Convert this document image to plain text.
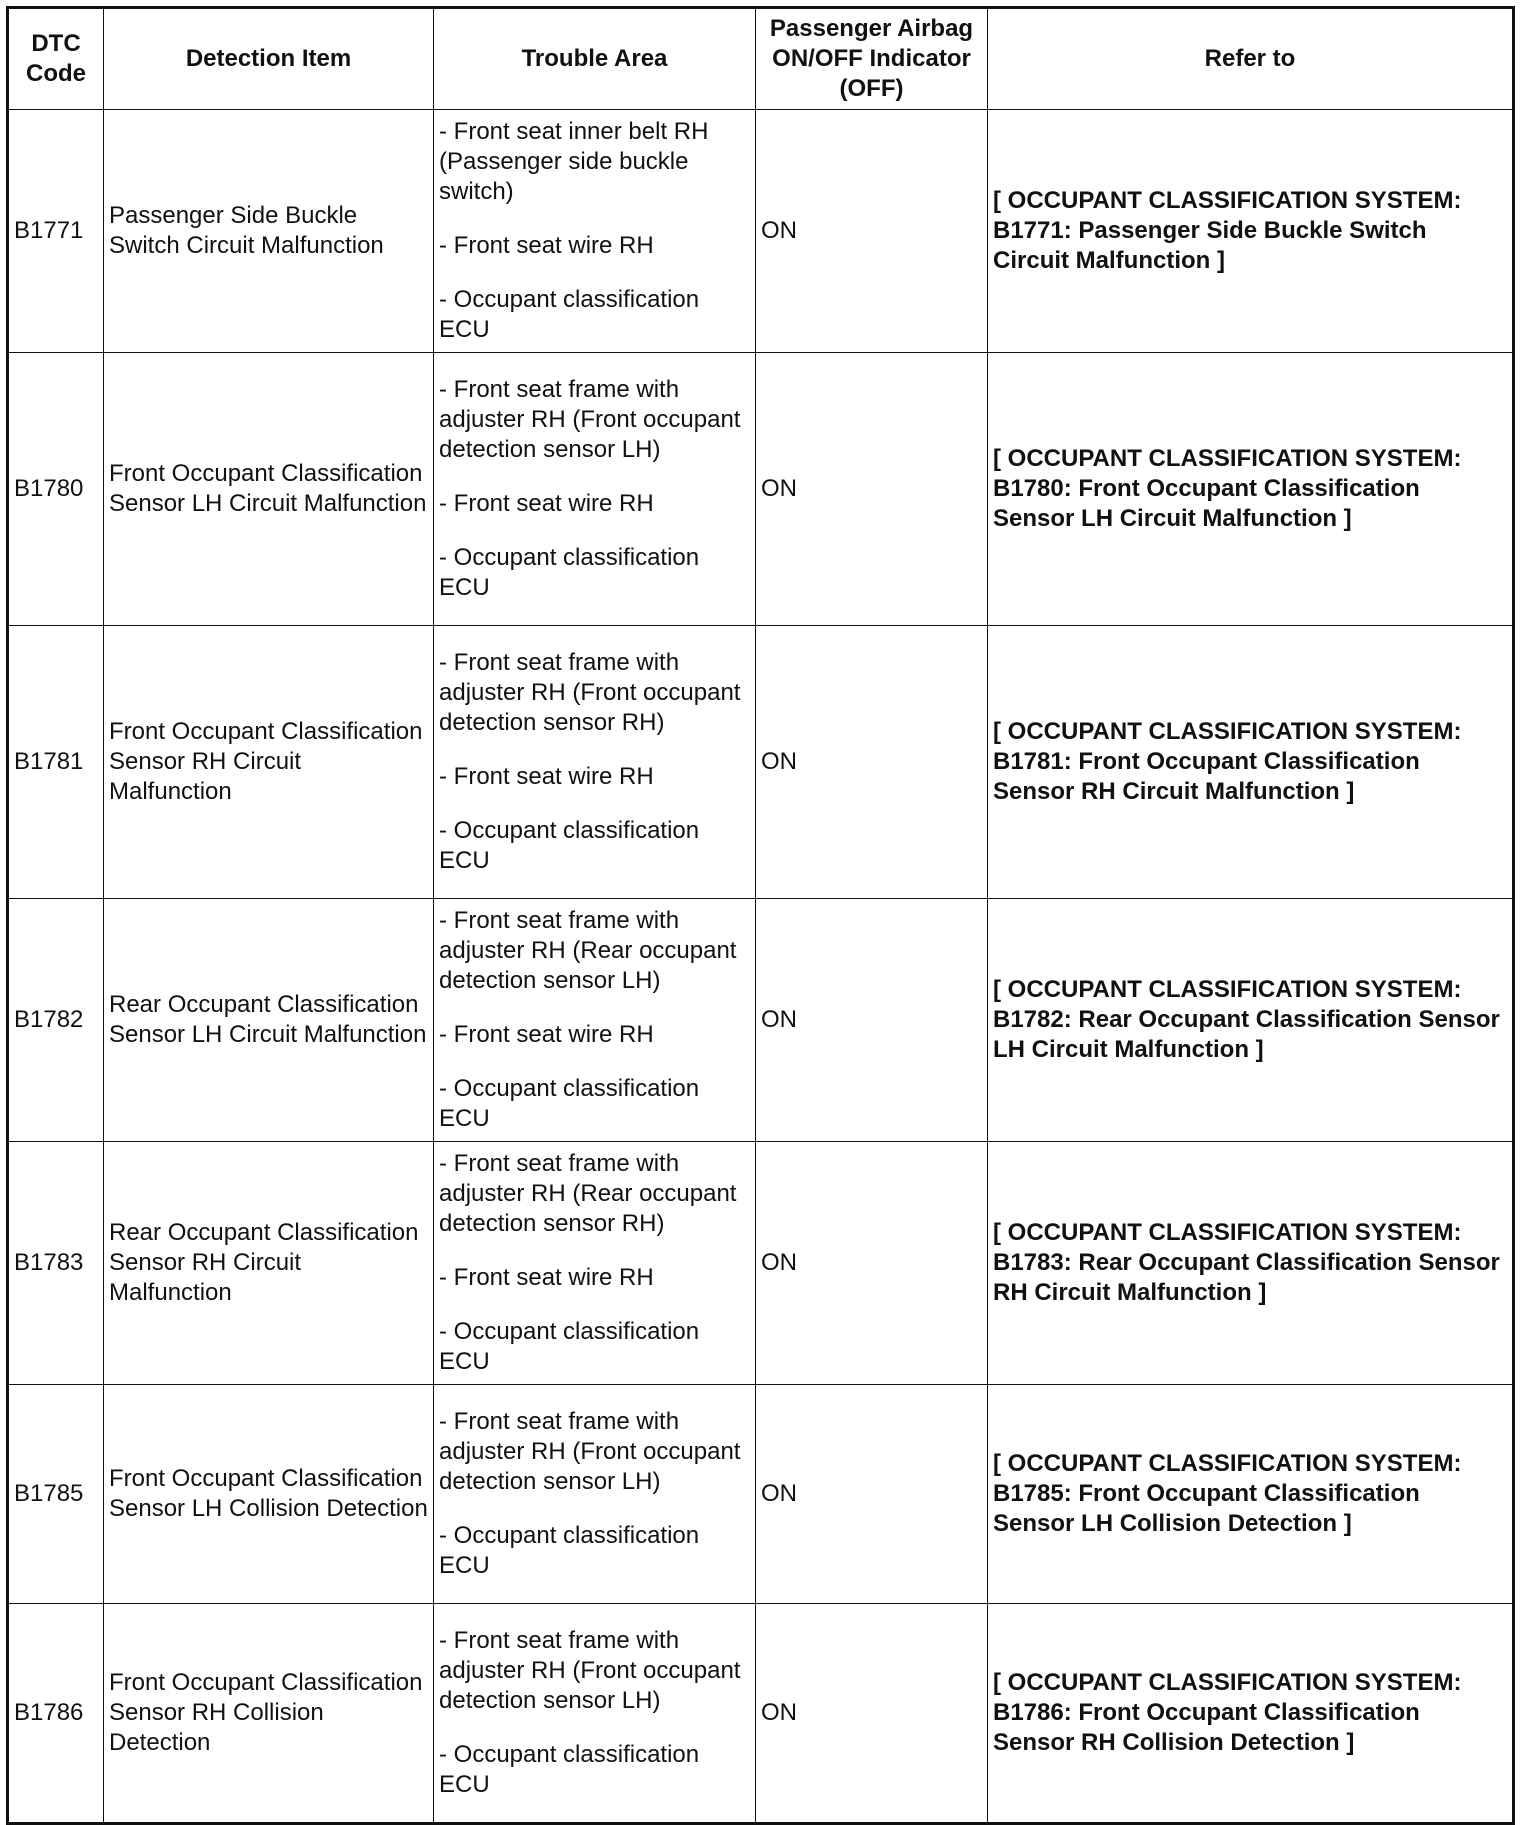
DTC Code	Detection Item	Trouble Area	Passenger Airbag ON/OFF Indicator (OFF)	Refer to
B1771	Passenger Side Buckle Switch Circuit Malfunction	- Front seat inner belt RH (Passenger side buckle switch)
- Front seat wire RH
- Occupant classification ECU	ON	[ OCCUPANT CLASSIFICATION SYSTEM: B1771: Passenger Side Buckle Switch Circuit Malfunction ]
B1780	Front Occupant Classification Sensor LH Circuit Malfunction	- Front seat frame with adjuster RH (Front occupant detection sensor LH)
- Front seat wire RH
- Occupant classification ECU	ON	[ OCCUPANT CLASSIFICATION SYSTEM: B1780: Front Occupant Classification Sensor LH Circuit Malfunction ]
B1781	Front Occupant Classification Sensor RH Circuit Malfunction	- Front seat frame with adjuster RH (Front occupant detection sensor RH)
- Front seat wire RH
- Occupant classification ECU	ON	[ OCCUPANT CLASSIFICATION SYSTEM: B1781: Front Occupant Classification Sensor RH Circuit Malfunction ]
B1782	Rear Occupant Classification Sensor LH Circuit Malfunction	- Front seat frame with adjuster RH (Rear occupant detection sensor LH)
- Front seat wire RH
- Occupant classification ECU	ON	[ OCCUPANT CLASSIFICATION SYSTEM: B1782: Rear Occupant Classification Sensor LH Circuit Malfunction ]
B1783	Rear Occupant Classification Sensor RH Circuit Malfunction	- Front seat frame with adjuster RH (Rear occupant detection sensor RH)
- Front seat wire RH
- Occupant classification ECU	ON	[ OCCUPANT CLASSIFICATION SYSTEM: B1783: Rear Occupant Classification Sensor RH Circuit Malfunction ]
B1785	Front Occupant Classification Sensor LH Collision Detection	- Front seat frame with adjuster RH (Front occupant detection sensor LH)
- Occupant classification ECU	ON	[ OCCUPANT CLASSIFICATION SYSTEM: B1785: Front Occupant Classification Sensor LH Collision Detection ]
B1786	Front Occupant Classification Sensor RH Collision Detection	- Front seat frame with adjuster RH (Front occupant detection sensor LH)
- Occupant classification ECU	ON	[ OCCUPANT CLASSIFICATION SYSTEM: B1786: Front Occupant Classification Sensor RH Collision Detection ]
